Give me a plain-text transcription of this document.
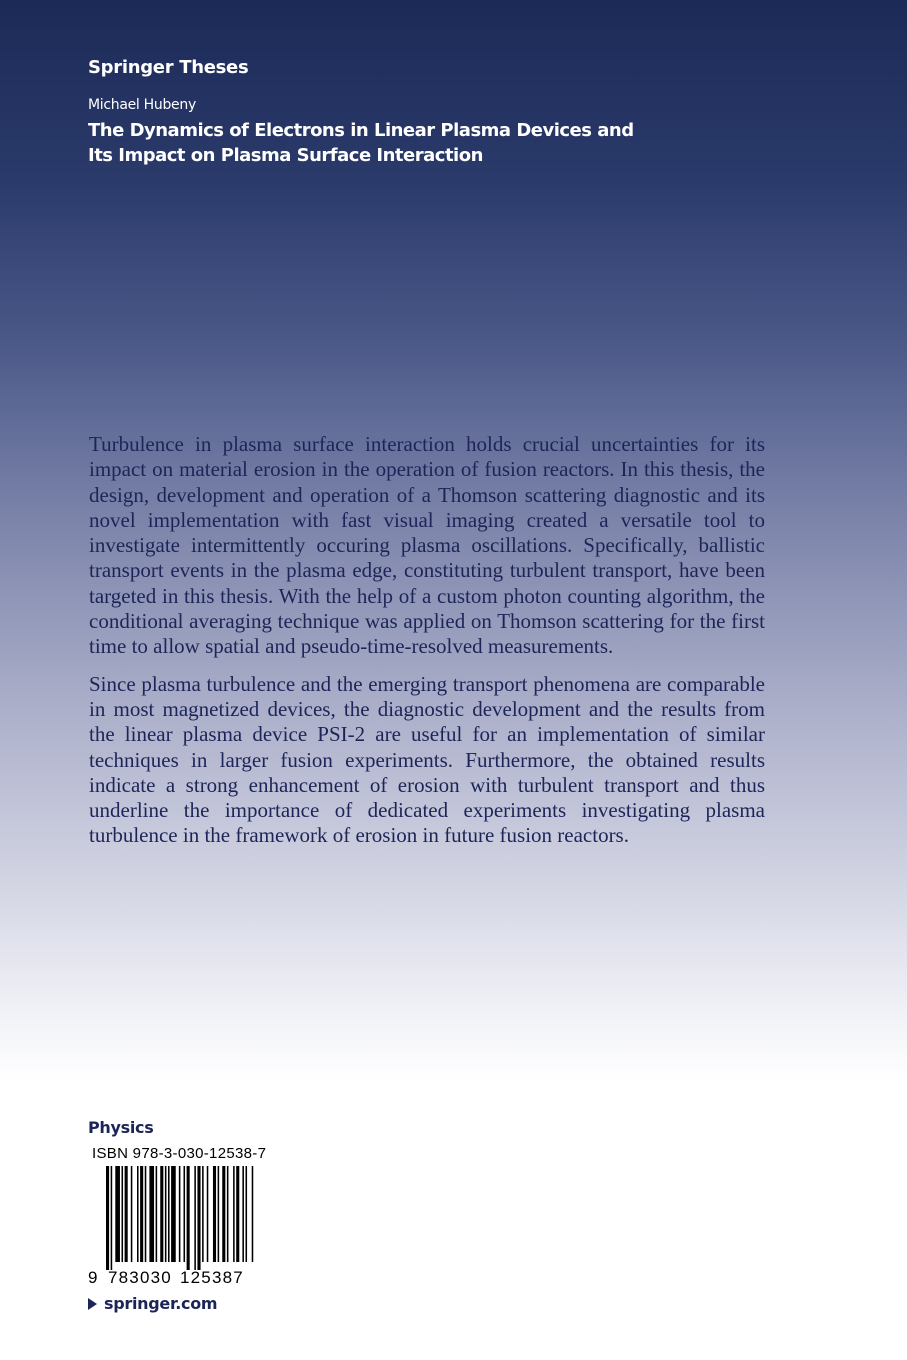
Springer Theses
Michael Hubeny
The Dynamics of Electrons in Linear Plasma Devices and
Its Impact on Plasma Surface Interaction

Turbulence in plasma surface interaction holds crucial uncertainties for its impact on material erosion in the operation of fusion reactors. In this thesis, the design, development and operation of a Thomson scattering diagnostic and its novel implementation with fast visual imaging created a versatile tool to investigate intermittently occuring plasma oscillations. Specifically, ballistic transport events in the plasma edge, constituting turbulent transport, have been targeted in this thesis. With the help of a custom photon counting algorithm, the conditional averaging technique was applied on Thomson scattering for the first time to allow spatial and pseudo-time-resolved measurements.

Since plasma turbulence and the emerging transport phenomena are comparable in most magnetized devices, the diagnostic development and the results from the linear plasma device PSI-2 are useful for an implementation of similar techniques in larger fusion experiments. Furthermore, the obtained results indicate a strong enhancement of erosion with turbulent transport and thus underline the importance of dedicated experiments investigating plasma turbulence in the framework of erosion in future fusion reactors.

Physics
ISBN 978-3-030-12538-7
9 783030 125387
springer.com
